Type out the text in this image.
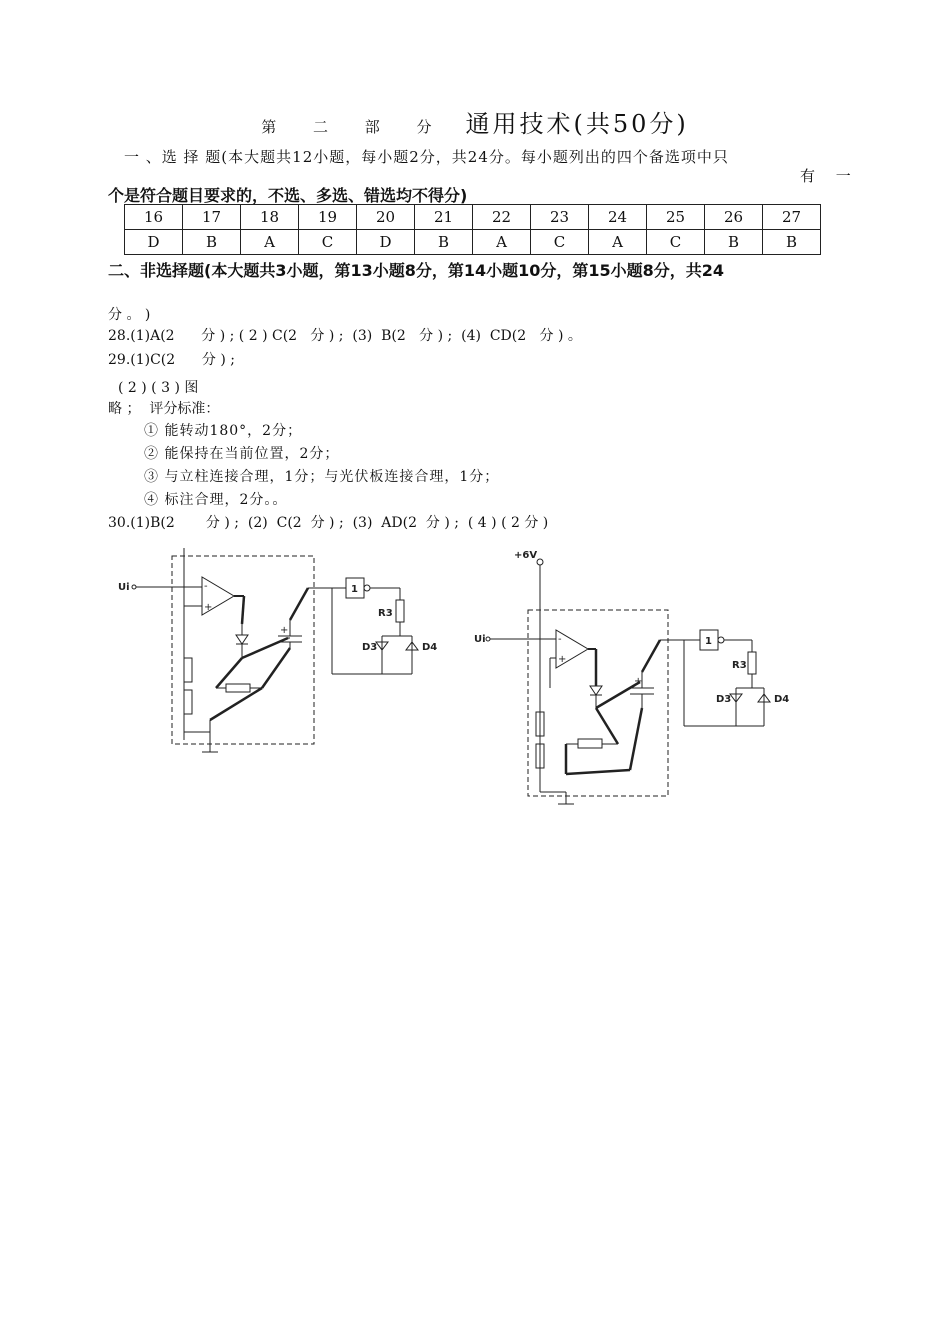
第 二 部 分 通用技术(共50分)
一 、选 择 题(本大题共12小题，每小题2分，共24分。每小题列出的四个备选项中只
有 一
个是符合题目要求的，不选、多选、错选均不得分)
16	17	18	19	20	21	22	23	24	25	26	27
D	B	A	C	D	B	A	C	A	C	B	B
二、非选择题(本大题共3小题，第13小题8分，第14小题10分，第15小题8分，共24
分 。 )
28.(1)A(2      分 ) ; ( 2 ) C(2   分 ) ;  (3)  B(2   分 ) ;  (4)  CD(2   分 ) 。
29.(1)C(2      分 ) ;
( 2 ) ( 3 ) 图
略 ；  评分标准：
① 能转动180°，2分；
② 能保持在当前位置，2分；
③ 与立柱连接合理，1分；与光伏板连接合理，1分；
④ 标注合理，2分。。
30.(1)B(2       分 ) ;  (2)  C(2  分 ) ;  (3)  AD(2  分 ) ;  ( 4 ) ( 2 分 )
Ui	-
+
+
1
R3
D3	D4
+6V
Ui	-
+
+
1
R3
D3	D4
